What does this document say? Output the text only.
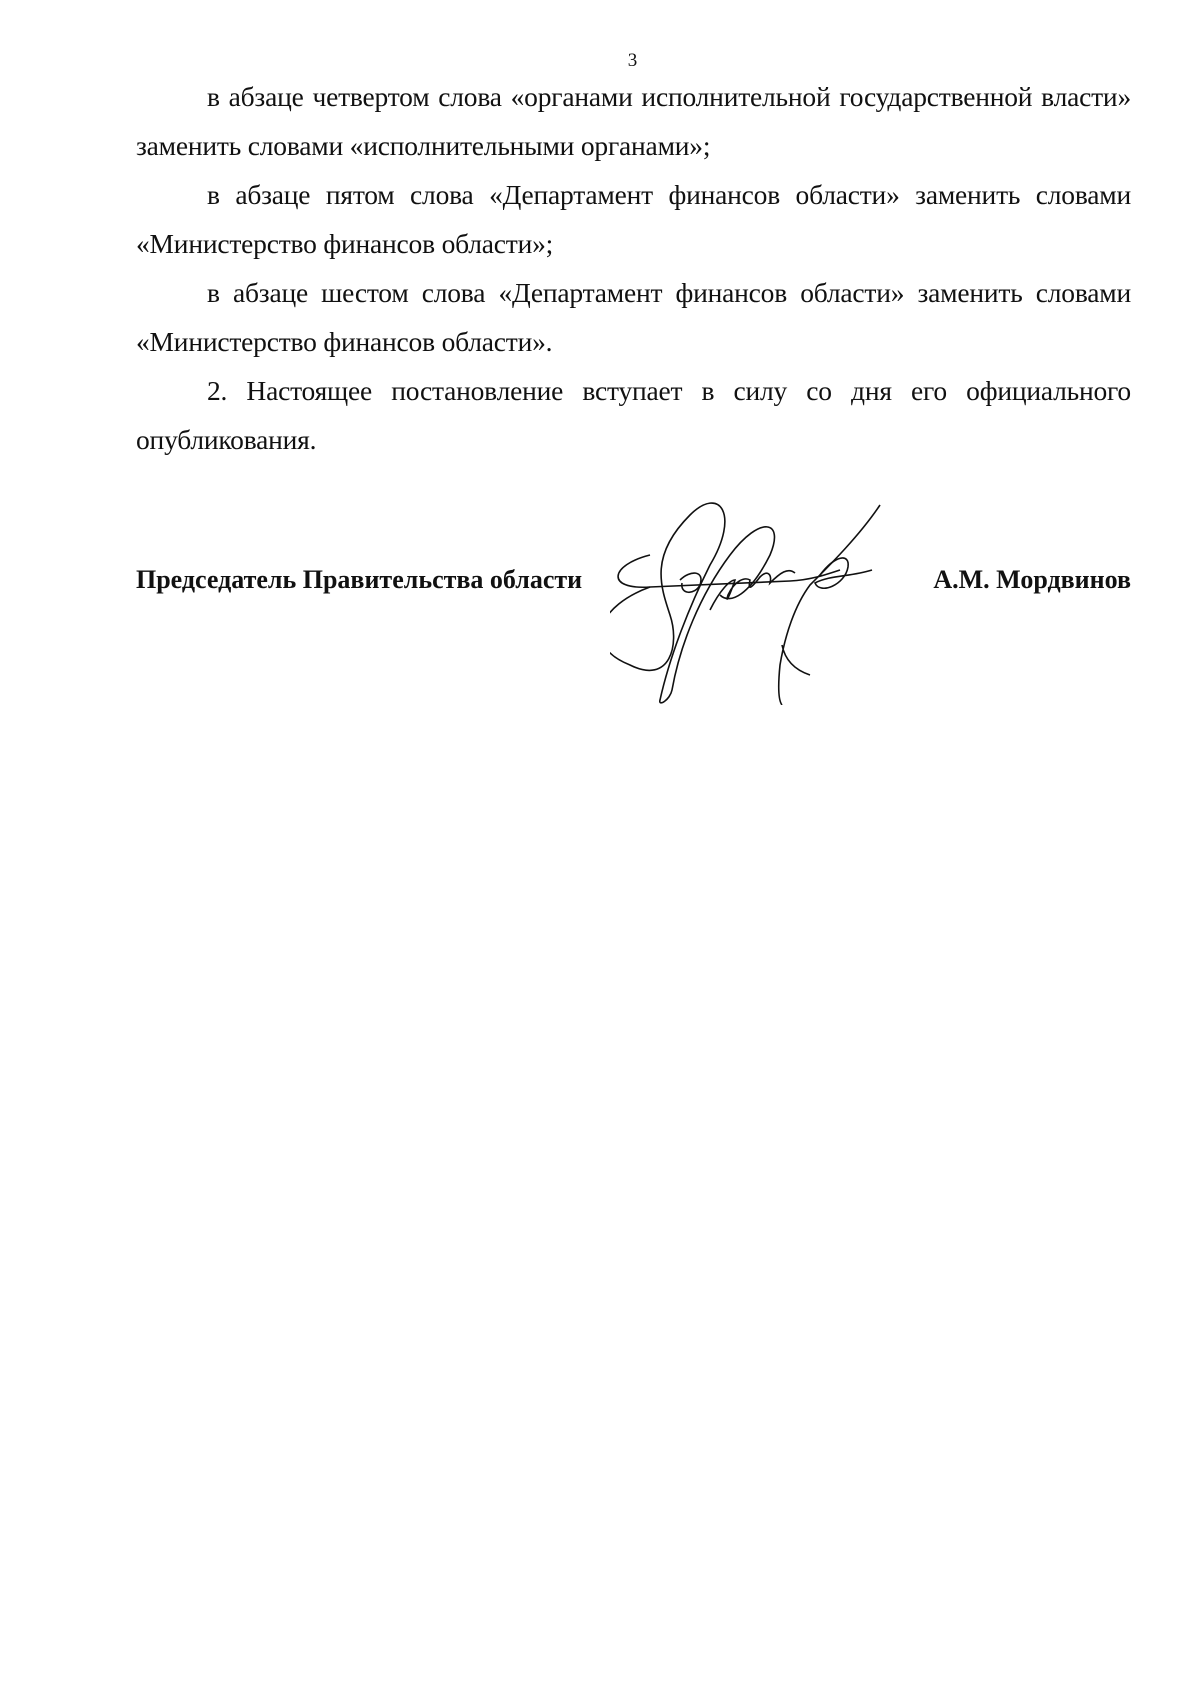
3

в абзаце четвертом слова «органами исполнительной государственной власти» заменить словами «исполнительными органами»;

в абзаце пятом слова «Департамент финансов области» заменить словами «Министерство финансов области»;

в абзаце шестом слова «Департамент финансов области» заменить словами «Министерство финансов области».

2. Настоящее постановление вступает в силу со дня его официального опубликования.

Председатель Правительства области	А.М. Мордвинов
